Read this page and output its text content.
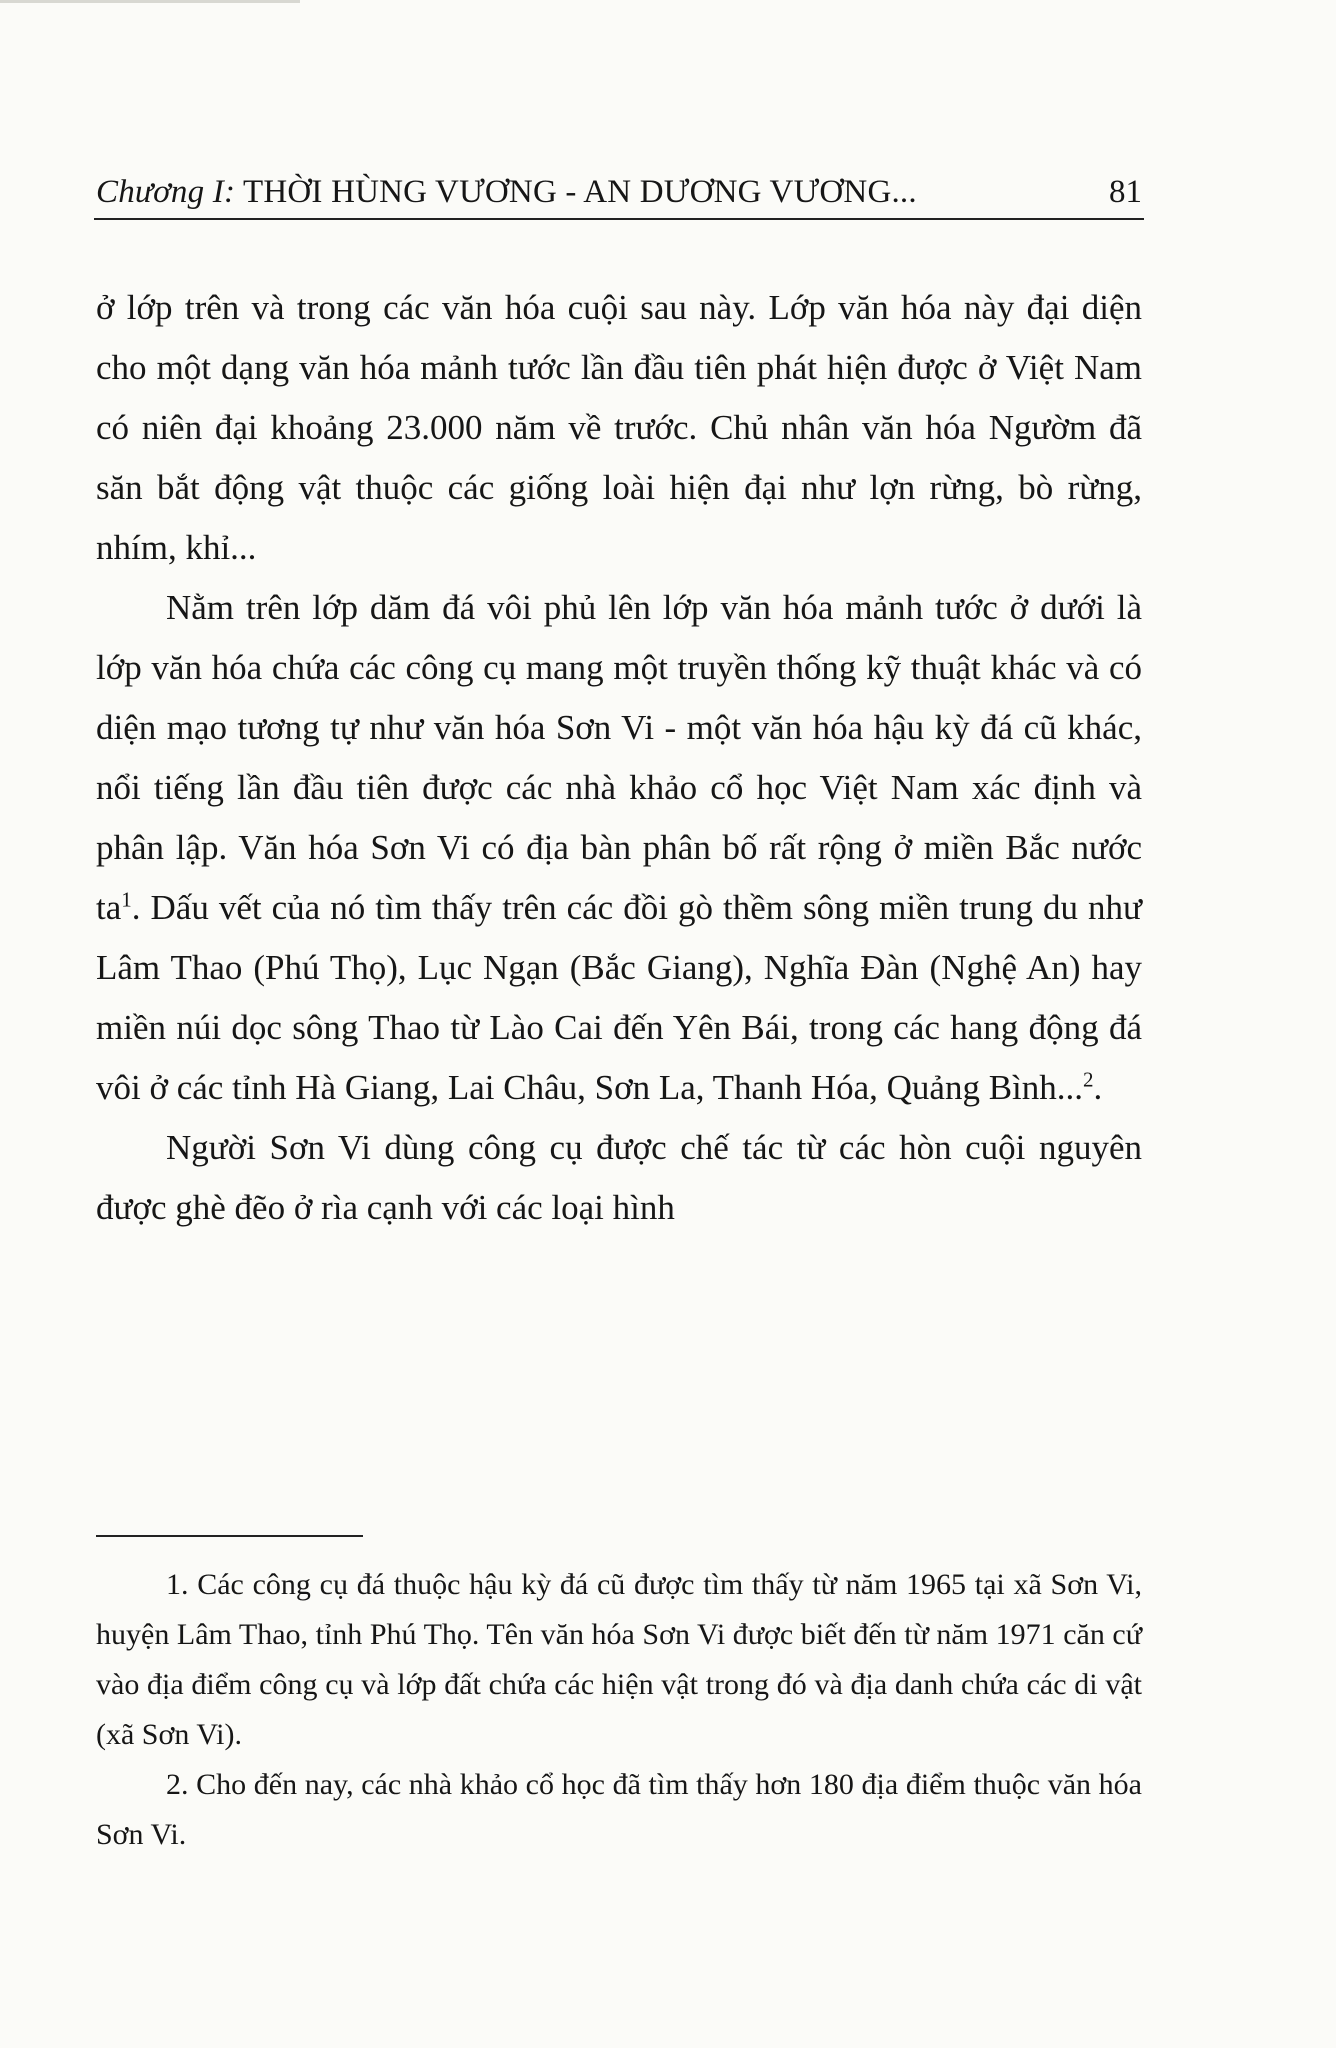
Chương I: THỜI HÙNG VƯƠNG - AN DƯƠNG VƯƠNG...	81

ở lớp trên và trong các văn hóa cuội sau này. Lớp văn hóa này đại diện cho một dạng văn hóa mảnh tước lần đầu tiên phát hiện được ở Việt Nam có niên đại khoảng 23.000 năm về trước. Chủ nhân văn hóa Ngườm đã săn bắt động vật thuộc các giống loài hiện đại như lợn rừng, bò rừng, nhím, khỉ...

Nằm trên lớp dăm đá vôi phủ lên lớp văn hóa mảnh tước ở dưới là lớp văn hóa chứa các công cụ mang một truyền thống kỹ thuật khác và có diện mạo tương tự như văn hóa Sơn Vi - một văn hóa hậu kỳ đá cũ khác, nổi tiếng lần đầu tiên được các nhà khảo cổ học Việt Nam xác định và phân lập. Văn hóa Sơn Vi có địa bàn phân bố rất rộng ở miền Bắc nước $ta^1$. Dấu vết của nó tìm thấy trên các đồi gò thềm sông miền trung du như Lâm Thao (Phú Thọ), Lục Ngạn (Bắc Giang), Nghĩa Đàn (Nghệ An) hay miền núi dọc sông Thao từ Lào Cai đến Yên Bái, trong các hang động đá vôi ở các tỉnh Hà Giang, Lai Châu, Sơn La, Thanh Hóa, Quảng Bình...$^2$.

Người Sơn Vi dùng công cụ được chế tác từ các hòn cuội nguyên được ghè đẽo ở rìa cạnh với các loại hình

1. Các công cụ đá thuộc hậu kỳ đá cũ được tìm thấy từ năm 1965 tại xã Sơn Vi, huyện Lâm Thao, tỉnh Phú Thọ. Tên văn hóa Sơn Vi được biết đến từ năm 1971 căn cứ vào địa điểm công cụ và lớp đất chứa các hiện vật trong đó và địa danh chứa các di vật (xã Sơn Vi).

2. Cho đến nay, các nhà khảo cổ học đã tìm thấy hơn 180 địa điểm thuộc văn hóa Sơn Vi.
